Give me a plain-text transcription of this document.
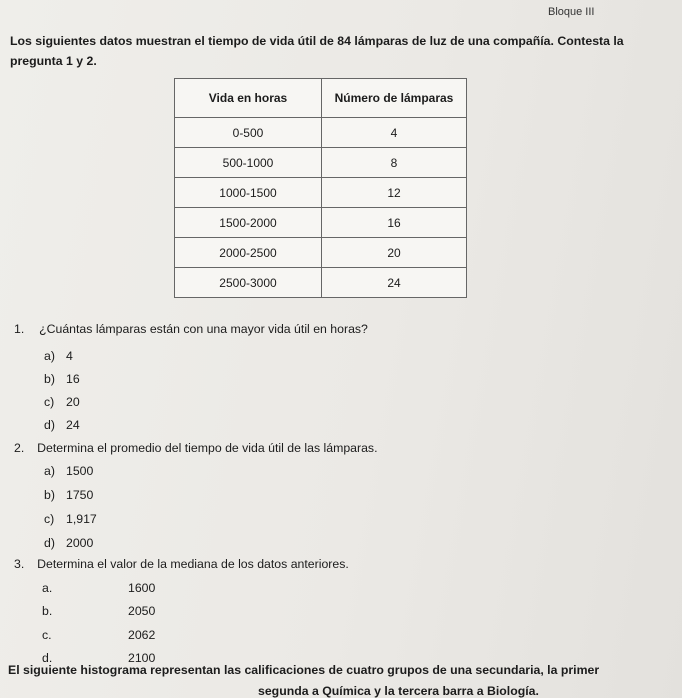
Bloque III
Los siguientes datos muestran el tiempo de vida útil de 84 lámparas de luz de una compañía. Contesta la pregunta 1 y 2.
Vida en horas	Número de lámparas
0-500	4
500-1000	8
1000-1500	12
1500-2000	16
2000-2500	20
2500-3000	24
1. ¿Cuántas lámparas están con una mayor vida útil en horas?
a) 4
b) 16
c) 20
d) 24
2. Determina el promedio del tiempo de vida útil de las lámparas.
a) 1500
b) 1750
c) 1,917
d) 2000
3. Determina el valor de la mediana de los datos anteriores.
a.	1600
b.	2050
c.	2062
d.	2100
El siguiente histograma representan las calificaciones de cuatro grupos de una secundaria, la primer
segunda a Química y la tercera barra a Biología.
